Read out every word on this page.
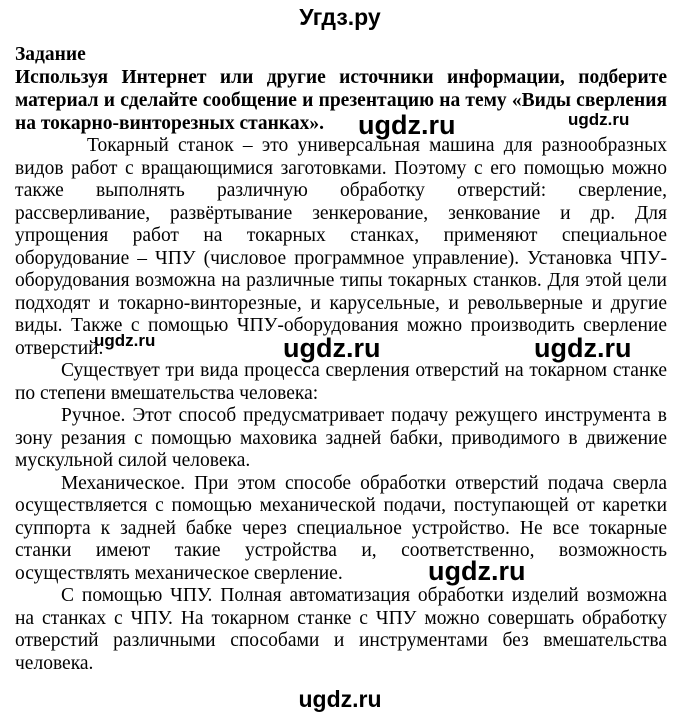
Угдз.ру
Задание
Используя Интернет или другие источники информации, подберите материал и сделайте сообщение и презентацию на тему «Виды сверления на токарно-винторезных станках».

Токарный станок – это универсальная машина для разнообразных видов работ с вращающимися заготовками. Поэтому с его помощью можно также выполнять различную обработку отверстий: сверление, рассверливание, развёртывание зенкерование, зенкование и др. Для упрощения работ на токарных станках, применяют специальное оборудование – ЧПУ (числовое программное управление). Установка ЧПУ-оборудования возможна на различные типы токарных станков. Для этой цели подходят и токарно-винторезные, и карусельные, и револьверные и другие виды. Также с помощью ЧПУ-оборудования можно производить сверление отверстий.

Существует три вида процесса сверления отверстий на токарном станке по степени вмешательства человека:

Ручное. Этот способ предусматривает подачу режущего инструмента в зону резания с помощью маховика задней бабки, приводимого в движение мускульной силой человека.

Механическое. При этом способе обработки отверстий подача сверла осуществляется с помощью механической подачи, поступающей от каретки суппорта к задней бабке через специальное устройство. Не все токарные станки имеют такие устройства и, соответственно, возможность осуществлять механическое сверление.

С помощью ЧПУ. Полная автоматизация обработки изделий возможна на станках с ЧПУ. На токарном станке с ЧПУ можно совершать обработку отверстий различными способами и инструментами без вмешательства человека.

ugdz.ru	ugdz.ru
ugdz.ru	ugdz.ru	ugdz.ru
ugdz.ru
ugdz.ru
